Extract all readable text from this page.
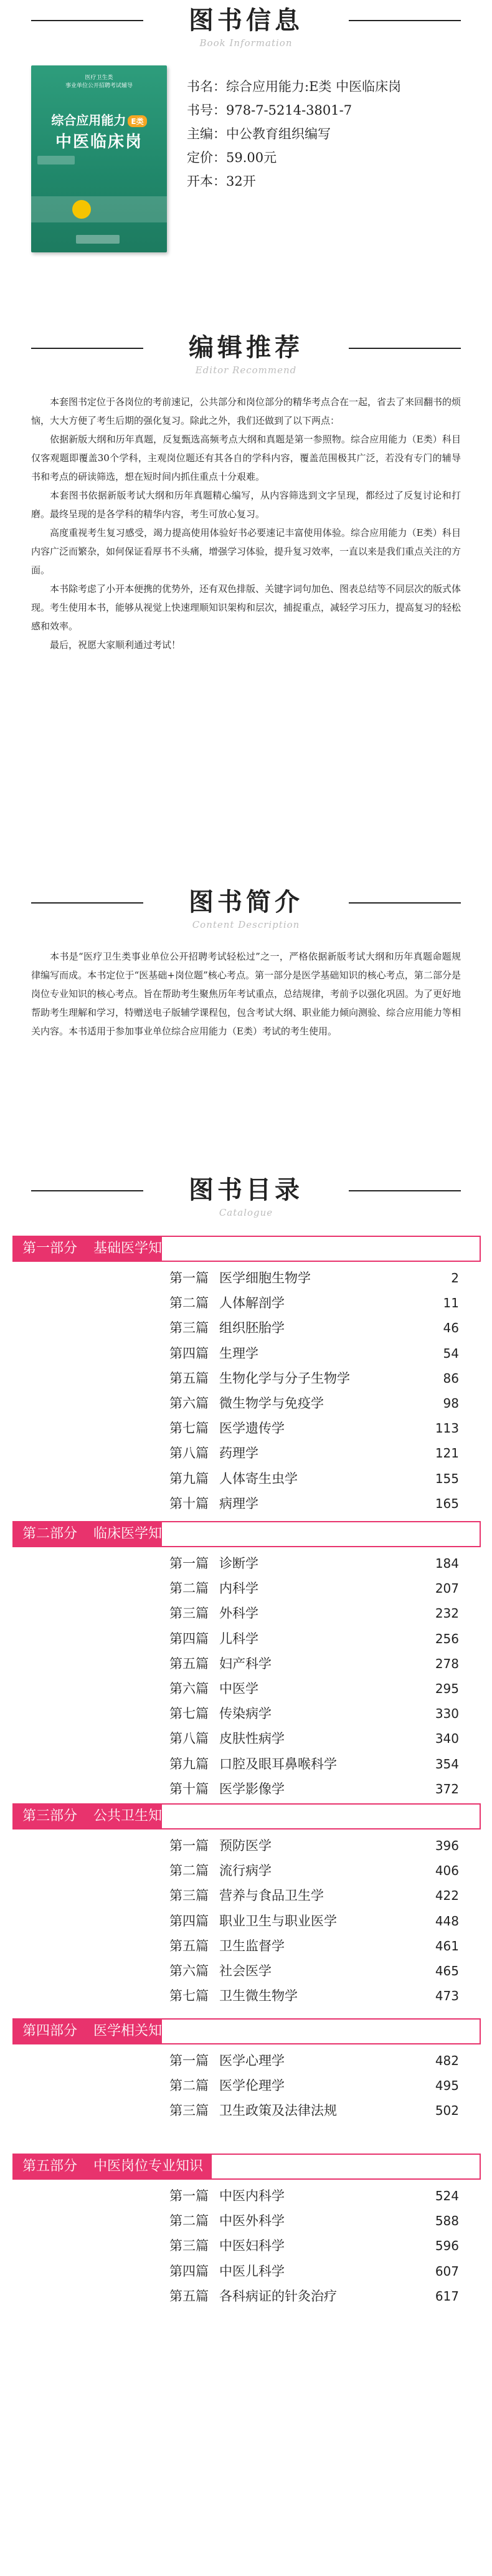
图书信息
Book Information
医疗卫生类
事业单位公开招聘考试辅导
综合应用能力 E类
中医临床岗
书名：综合应用能力:E类 中医临床岗
书号：978-7-5214-3801-7
主编：中公教育组织编写
定价：59.00元
开本：32开
编辑推荐
Editor Recommend

本套图书定位于各岗位的考前速记，公共部分和岗位部分的精华考点合在一起，省去了来回翻书的烦恼，大大方便了考生后期的强化复习。除此之外，我们还做到了以下两点：

依据新版大纲和历年真题，反复甄选高频考点大纲和真题是第一参照物。综合应用能力（E类）科目仅客观题即覆盖30个学科，主观岗位题还有其各自的学科内容，覆盖范围极其广泛，若没有专门的辅导书和考点的研读筛选，想在短时间内抓住重点十分艰难。

本套图书依据新版考试大纲和历年真题精心编写，从内容筛选到文字呈现，都经过了反复讨论和打磨。最终呈现的是各学科的精华内容，考生可放心复习。

高度重视考生复习感受，竭力提高使用体验好书必要速记丰富使用体验。综合应用能力（E类）科目内容广泛而繁杂，如何保证看厚书不头痛，增强学习体验，提升复习效率，一直以来是我们重点关注的方面。

本书除考虑了小开本便携的优势外，还有双色排版、关键字词句加色、图表总结等不同层次的版式体现。考生使用本书，能够从视觉上快速理顺知识架构和层次，捕捉重点，减轻学习压力，提高复习的轻松感和效率。

最后，祝愿大家顺利通过考试！

图书简介
Content Description

本书是“医疗卫生类事业单位公开招聘考试轻松过”之一，严格依据新版考试大纲和历年真题命题规律编写而成。本书定位于“医基础+岗位题”核心考点。第一部分是医学基础知识的核心考点，第二部分是岗位专业知识的核心考点。旨在帮助考生聚焦历年考试重点，总结规律，考前予以强化巩固。为了更好地帮助考生理解和学习，特赠送电子版辅学课程包，包含考试大纲、职业能力倾向测验、综合应用能力等相关内容。本书适用于参加事业单位综合应用能力（E类）考试的考生使用。

图书目录
Catalogue
第一部分 基础医学知识
第一篇 医学细胞生物学	2
第二篇 人体解剖学	11
第三篇 组织胚胎学	46
第四篇 生理学	54
第五篇 生物化学与分子生物学	86
第六篇 微生物学与免疫学	98
第七篇 医学遗传学	113
第八篇 药理学	121
第九篇 人体寄生虫学	155
第十篇 病理学	165
第二部分 临床医学知识
第一篇 诊断学	184
第二篇 内科学	207
第三篇 外科学	232
第四篇 儿科学	256
第五篇 妇产科学	278
第六篇 中医学	295
第七篇 传染病学	330
第八篇 皮肤性病学	340
第九篇 口腔及眼耳鼻喉科学	354
第十篇 医学影像学	372
第三部分 公共卫生知识
第一篇 预防医学	396
第二篇 流行病学	406
第三篇 营养与食品卫生学	422
第四篇 职业卫生与职业医学	448
第五篇 卫生监督学	461
第六篇 社会医学	465
第七篇 卫生微生物学	473
第四部分 医学相关知识
第一篇 医学心理学	482
第二篇 医学伦理学	495
第三篇 卫生政策及法律法规	502
第五部分 中医岗位专业知识
第一篇 中医内科学	524
第二篇 中医外科学	588
第三篇 中医妇科学	596
第四篇 中医儿科学	607
第五篇 各科病证的针灸治疗	617
